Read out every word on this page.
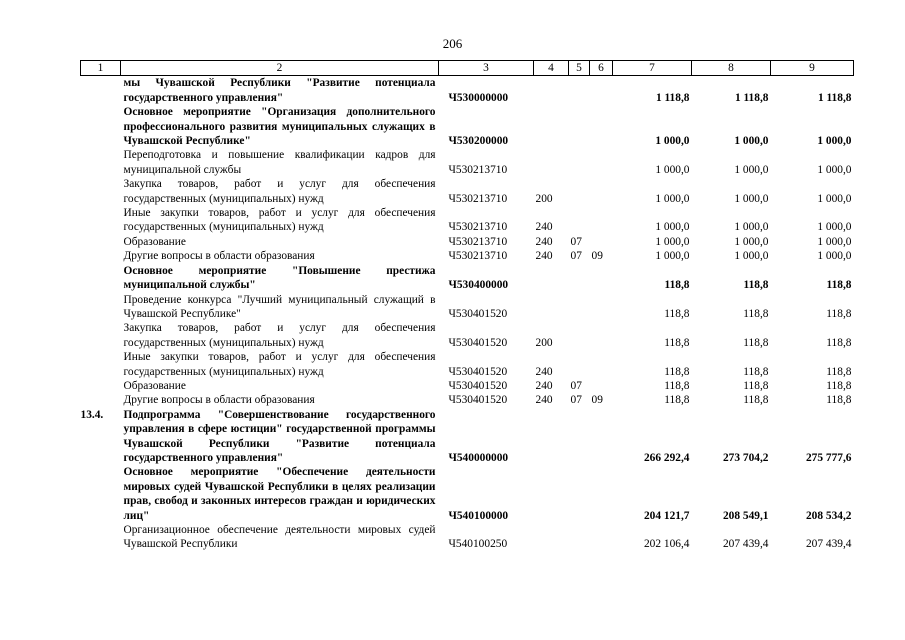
206
1	2	3	4	5	6	7	8	9
	мы Чувашской Республики "Развитие потенциала государственного управления"	Ч530000000				1 118,8	1 118,8	1 118,8
	Основное мероприятие "Организация дополнительного профессионального развития муниципальных служащих в Чувашской Республике"	Ч530200000				1 000,0	1 000,0	1 000,0
	Переподготовка и повышение квалификации кадров для муниципальной службы	Ч530213710				1 000,0	1 000,0	1 000,0
	Закупка товаров, работ и услуг для обеспечения государственных (муниципальных) нужд	Ч530213710	200			1 000,0	1 000,0	1 000,0
	Иные закупки товаров, работ и услуг для обеспечения государственных (муниципальных) нужд	Ч530213710	240			1 000,0	1 000,0	1 000,0
	Образование	Ч530213710	240	07		1 000,0	1 000,0	1 000,0
	Другие вопросы в области образования	Ч530213710	240	07	09	1 000,0	1 000,0	1 000,0
	Основное мероприятие "Повышение престижа муниципальной службы"	Ч530400000				118,8	118,8	118,8
	Проведение конкурса "Лучший муниципальный служащий в Чувашской Республике"	Ч530401520				118,8	118,8	118,8
	Закупка товаров, работ и услуг для обеспечения государственных (муниципальных) нужд	Ч530401520	200			118,8	118,8	118,8
	Иные закупки товаров, работ и услуг для обеспечения государственных (муниципальных) нужд	Ч530401520	240			118,8	118,8	118,8
	Образование	Ч530401520	240	07		118,8	118,8	118,8
	Другие вопросы в области образования	Ч530401520	240	07	09	118,8	118,8	118,8
13.4.	Подпрограмма "Совершенствование государственного управления в сфере юстиции" государственной программы Чувашской Республики "Развитие потенциала государственного управления"	Ч540000000				266 292,4	273 704,2	275 777,6
	Основное мероприятие "Обеспечение деятельности мировых судей Чувашской Республики в целях реализации прав, свобод и законных интересов граждан и юридических лиц"	Ч540100000				204 121,7	208 549,1	208 534,2
	Организационное обеспечение деятельности мировых судей Чувашской Республики	Ч540100250				202 106,4	207 439,4	207 439,4
